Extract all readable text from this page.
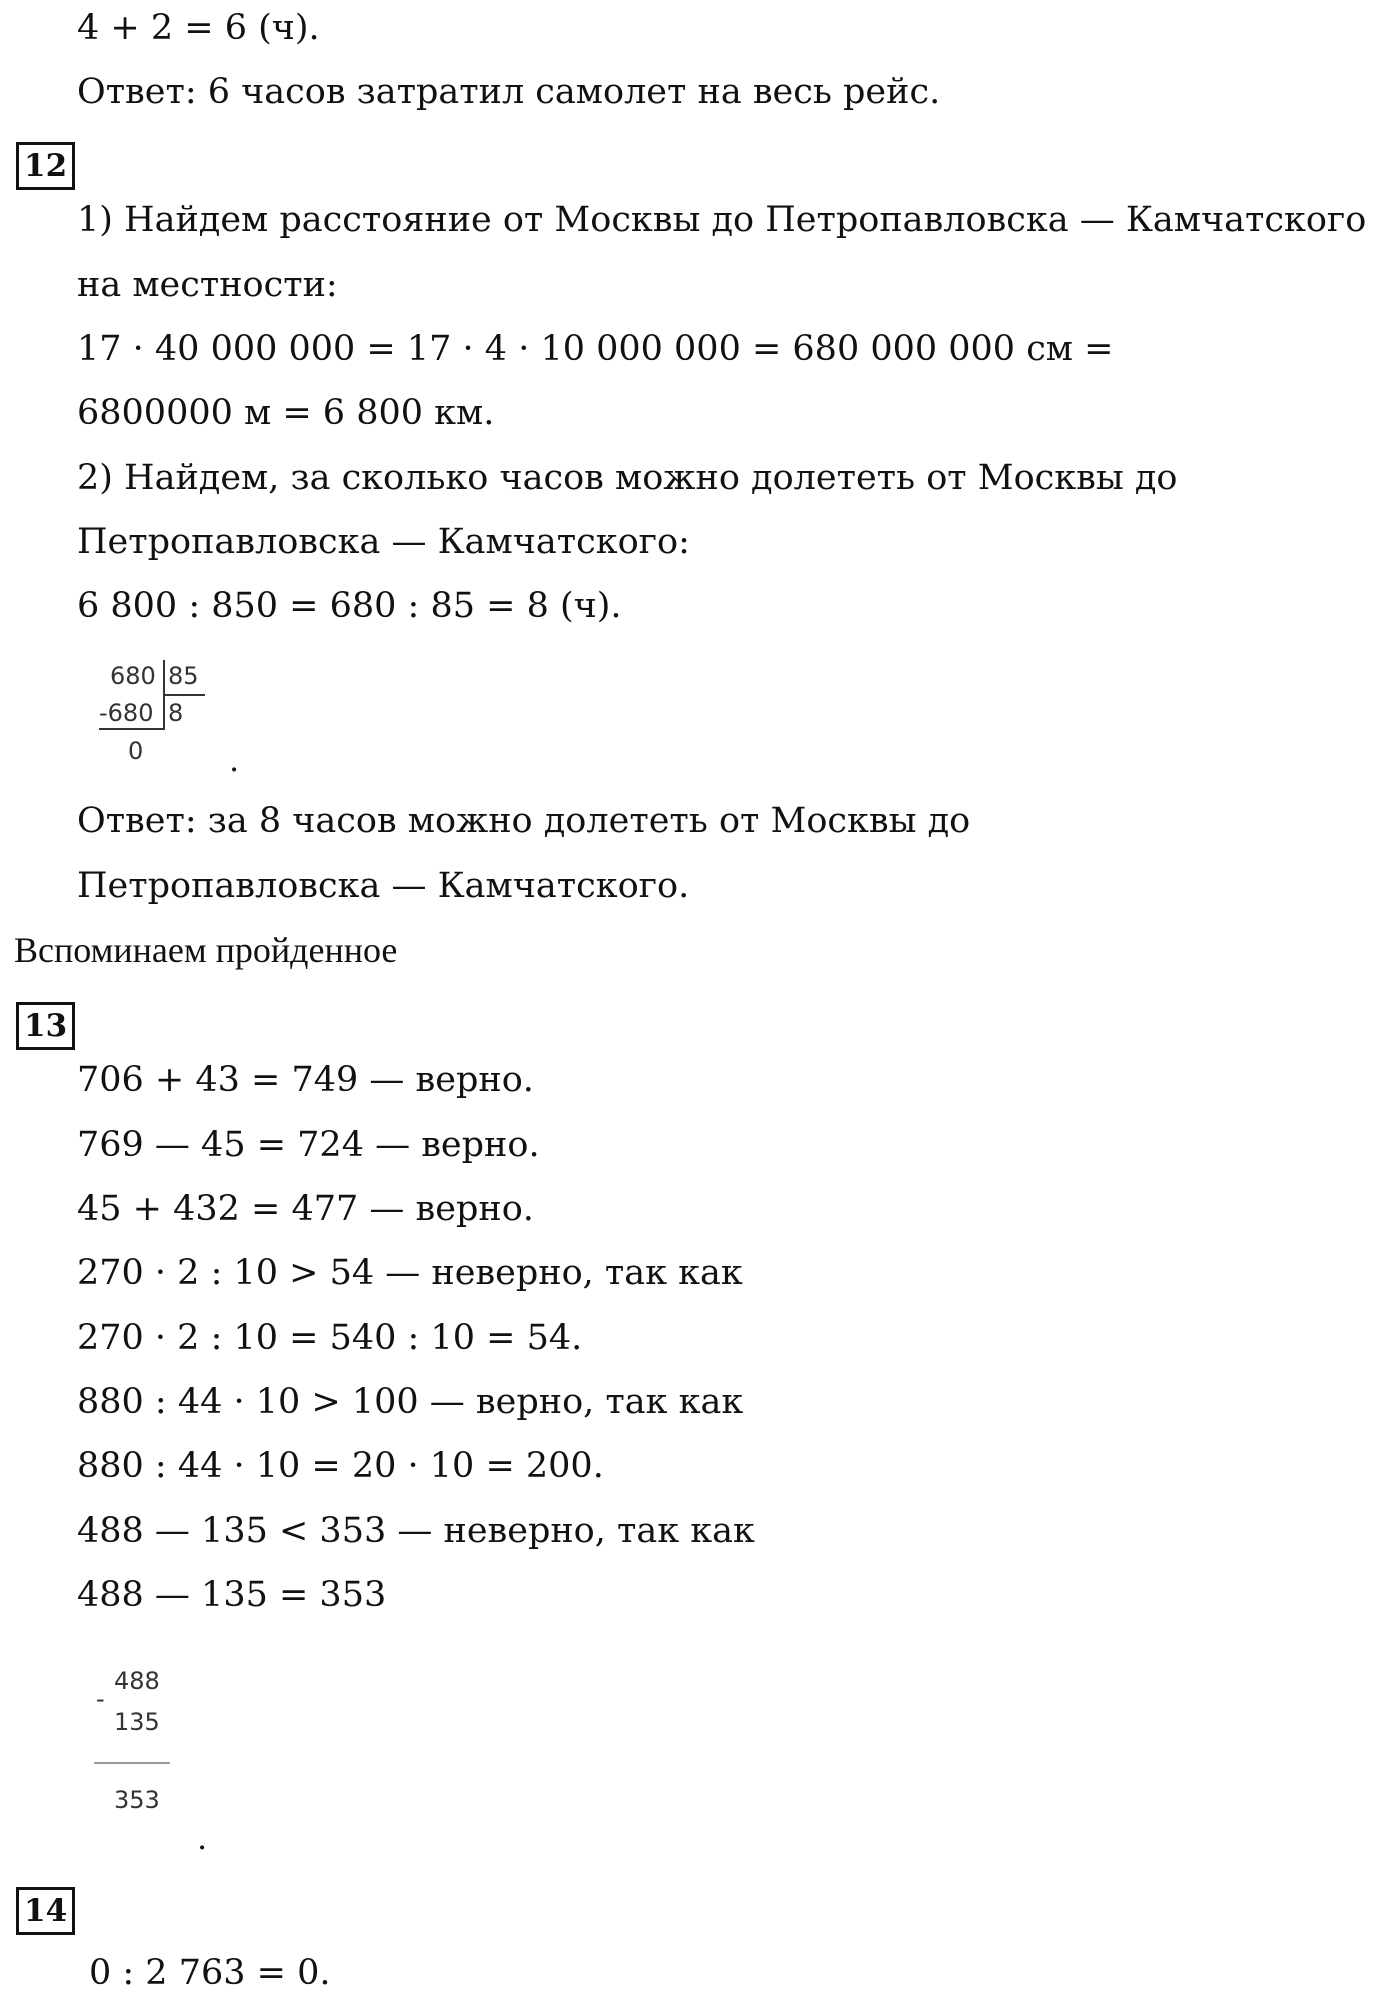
4 + 2 = 6 (ч).
Ответ: 6 часов затратил самолет на весь рейс.
12
1) Найдем расстояние от Москвы до Петропавловска — Камчатского
на местности:
17 · 40 000 000 = 17 · 4 · 10 000 000 = 680 000 000 см =
6800000 м = 6 800 км.
2) Найдем, за сколько часов можно долететь от Москвы до
Петропавловска — Камчатского:
6 800 : 850 = 680 : 85 = 8 (ч).
680 85
-680 8
0	.
Ответ: за 8 часов можно долететь от Москвы до
Петропавловска — Камчатского.
Вспоминаем пройденное
13
706 + 43 = 749 — верно.
769 — 45 = 724 — верно.
45 + 432 = 477 — верно.
270 · 2 : 10 > 54 — неверно, так как
270 · 2 : 10 = 540 : 10 = 54.
880 : 44 · 10 > 100 — верно, так как
880 : 44 · 10 = 20 · 10 = 200.
488 — 135 < 353 — неверно, так как
488 — 135 = 353
-
488
135
353
.
14
0 : 2 763 = 0.
